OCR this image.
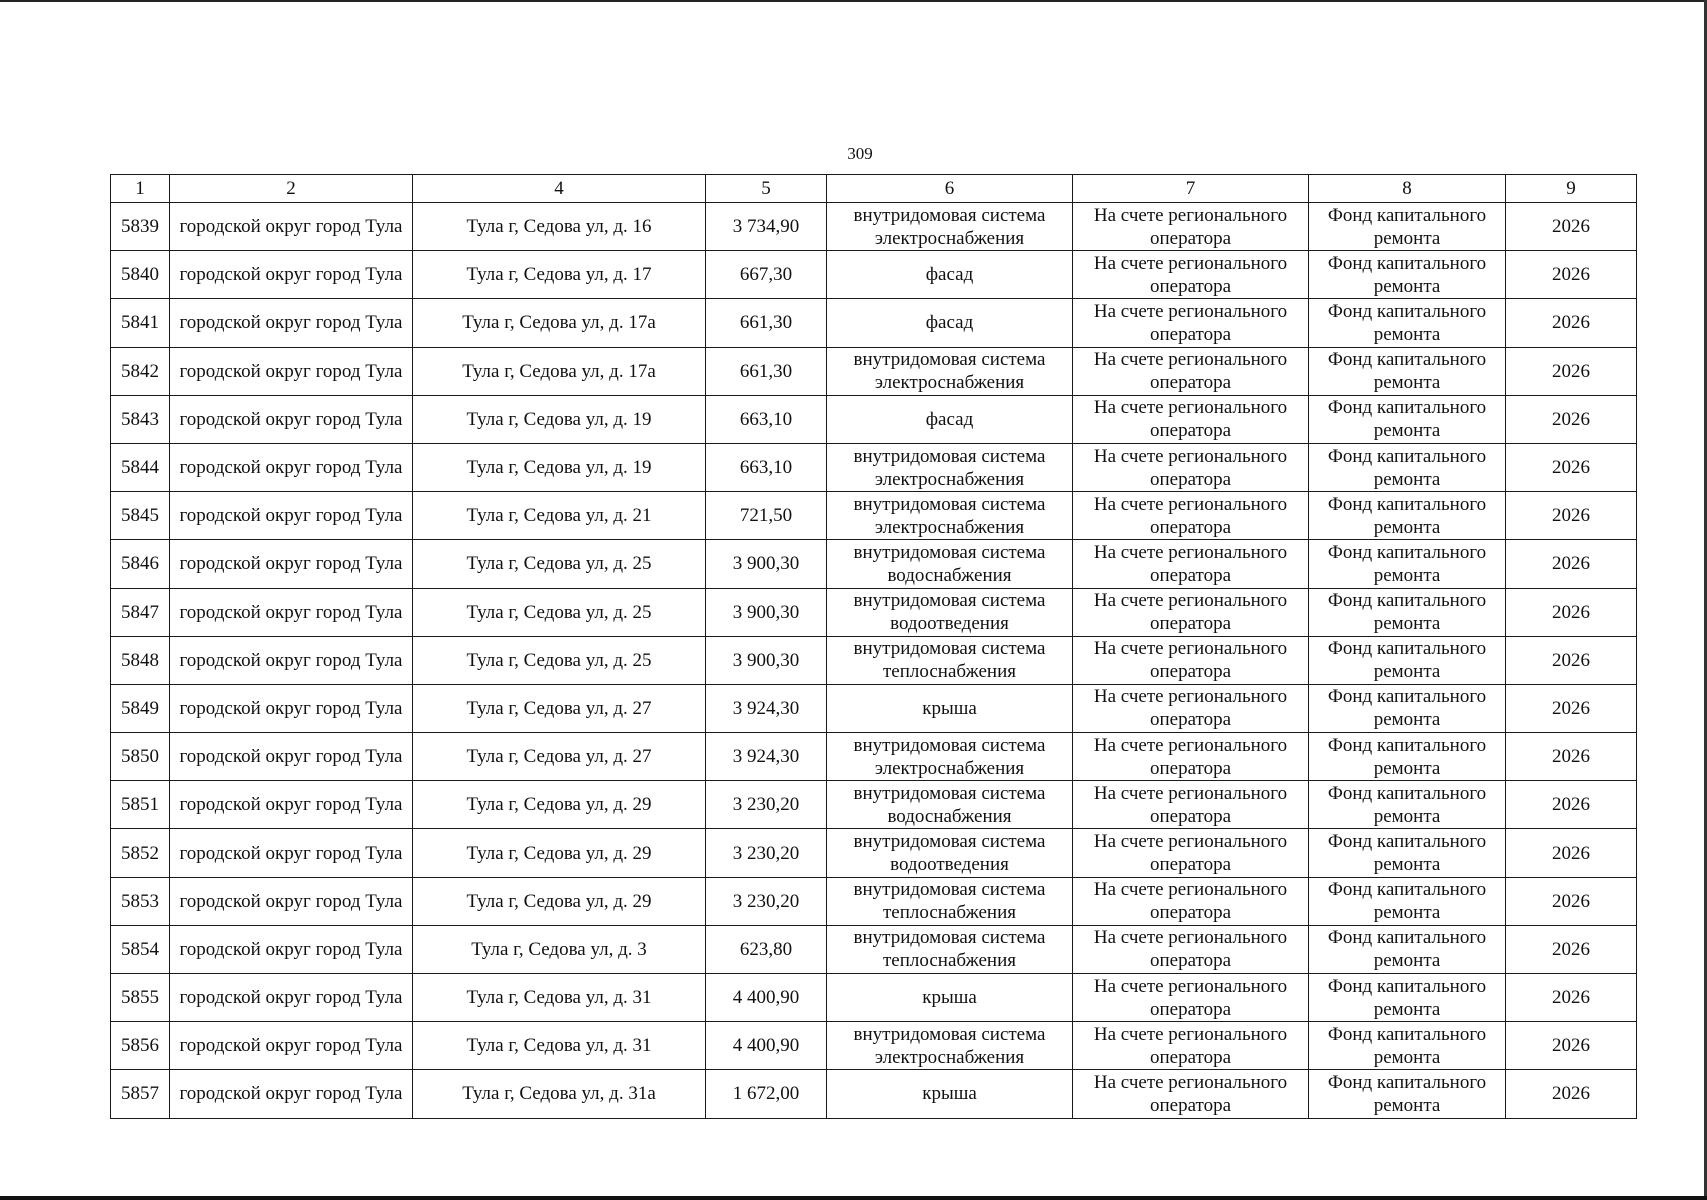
309
1	2	4	5	6	7	8	9
5839	городской округ город Тула	Тула г, Седова ул, д. 16	3 734,90	внутридомовая система электроснабжения	На счете регионального оператора	Фонд капитального ремонта	2026
5840	городской округ город Тула	Тула г, Седова ул, д. 17	667,30	фасад	На счете регионального оператора	Фонд капитального ремонта	2026
5841	городской округ город Тула	Тула г, Седова ул, д. 17а	661,30	фасад	На счете регионального оператора	Фонд капитального ремонта	2026
5842	городской округ город Тула	Тула г, Седова ул, д. 17а	661,30	внутридомовая система электроснабжения	На счете регионального оператора	Фонд капитального ремонта	2026
5843	городской округ город Тула	Тула г, Седова ул, д. 19	663,10	фасад	На счете регионального оператора	Фонд капитального ремонта	2026
5844	городской округ город Тула	Тула г, Седова ул, д. 19	663,10	внутридомовая система электроснабжения	На счете регионального оператора	Фонд капитального ремонта	2026
5845	городской округ город Тула	Тула г, Седова ул, д. 21	721,50	внутридомовая система электроснабжения	На счете регионального оператора	Фонд капитального ремонта	2026
5846	городской округ город Тула	Тула г, Седова ул, д. 25	3 900,30	внутридомовая система водоснабжения	На счете регионального оператора	Фонд капитального ремонта	2026
5847	городской округ город Тула	Тула г, Седова ул, д. 25	3 900,30	внутридомовая система водоотведения	На счете регионального оператора	Фонд капитального ремонта	2026
5848	городской округ город Тула	Тула г, Седова ул, д. 25	3 900,30	внутридомовая система теплоснабжения	На счете регионального оператора	Фонд капитального ремонта	2026
5849	городской округ город Тула	Тула г, Седова ул, д. 27	3 924,30	крыша	На счете регионального оператора	Фонд капитального ремонта	2026
5850	городской округ город Тула	Тула г, Седова ул, д. 27	3 924,30	внутридомовая система электроснабжения	На счете регионального оператора	Фонд капитального ремонта	2026
5851	городской округ город Тула	Тула г, Седова ул, д. 29	3 230,20	внутридомовая система водоснабжения	На счете регионального оператора	Фонд капитального ремонта	2026
5852	городской округ город Тула	Тула г, Седова ул, д. 29	3 230,20	внутридомовая система водоотведения	На счете регионального оператора	Фонд капитального ремонта	2026
5853	городской округ город Тула	Тула г, Седова ул, д. 29	3 230,20	внутридомовая система теплоснабжения	На счете регионального оператора	Фонд капитального ремонта	2026
5854	городской округ город Тула	Тула г, Седова ул, д. 3	623,80	внутридомовая система теплоснабжения	На счете регионального оператора	Фонд капитального ремонта	2026
5855	городской округ город Тула	Тула г, Седова ул, д. 31	4 400,90	крыша	На счете регионального оператора	Фонд капитального ремонта	2026
5856	городской округ город Тула	Тула г, Седова ул, д. 31	4 400,90	внутридомовая система электроснабжения	На счете регионального оператора	Фонд капитального ремонта	2026
5857	городской округ город Тула	Тула г, Седова ул, д. 31а	1 672,00	крыша	На счете регионального оператора	Фонд капитального ремонта	2026
